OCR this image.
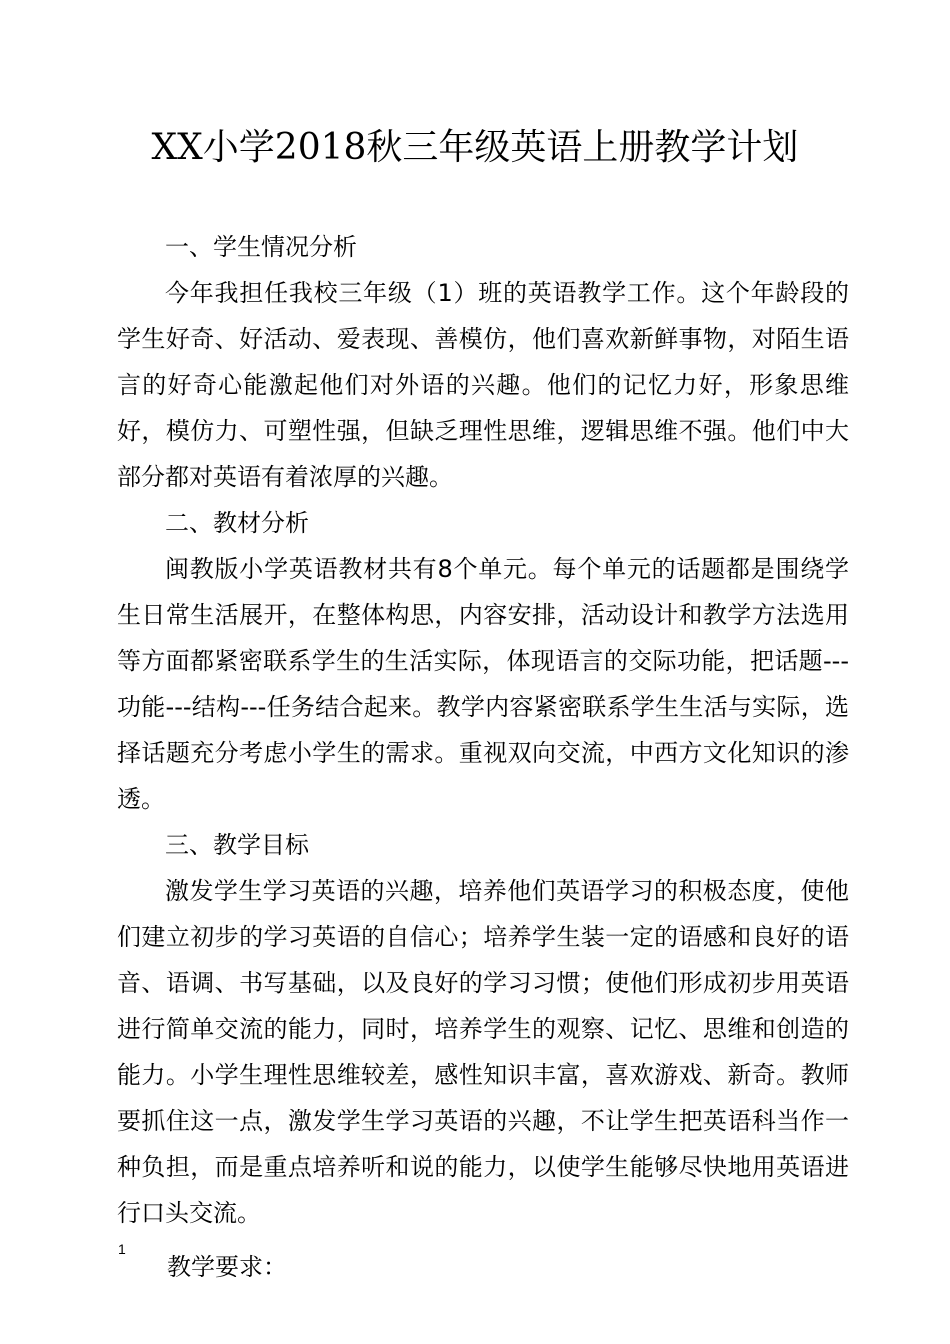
XX小学2018秋三年级英语上册教学计划
一、学生情况分析

今年我担任我校三年级（1）班的英语教学工作。这个年龄段的学生好奇、好活动、爱表现、善模仿，他们喜欢新鲜事物，对陌生语言的好奇心能激起他们对外语的兴趣。他们的记忆力好，形象思维好，模仿力、可塑性强，但缺乏理性思维，逻辑思维不强。他们中大部分都对英语有着浓厚的兴趣。

二、教材分析

闽教版小学英语教材共有8个单元。每个单元的话题都是围绕学生日常生活展开，在整体构思，内容安排，活动设计和教学方法选用等方面都紧密联系学生的生活实际，体现语言的交际功能，把话题---功能---结构---任务结合起来。教学内容紧密联系学生生活与实际，选择话题充分考虑小学生的需求。重视双向交流，中西方文化知识的渗透。

三、教学目标

激发学生学习英语的兴趣，培养他们英语学习的积极态度，使他们建立初步的学习英语的自信心；培养学生装一定的语感和良好的语音、语调、书写基础，以及良好的学习习惯；使他们形成初步用英语进行简单交流的能力，同时，培养学生的观察、记忆、思维和创造的能力。小学生理性思维较差，感性知识丰富，喜欢游戏、新奇。教师要抓住这一点，激发学生学习英语的兴趣，不让学生把英语科当作一种负担，而是重点培养听和说的能力，以使学生能够尽快地用英语进行口头交流。

教学要求：
1
